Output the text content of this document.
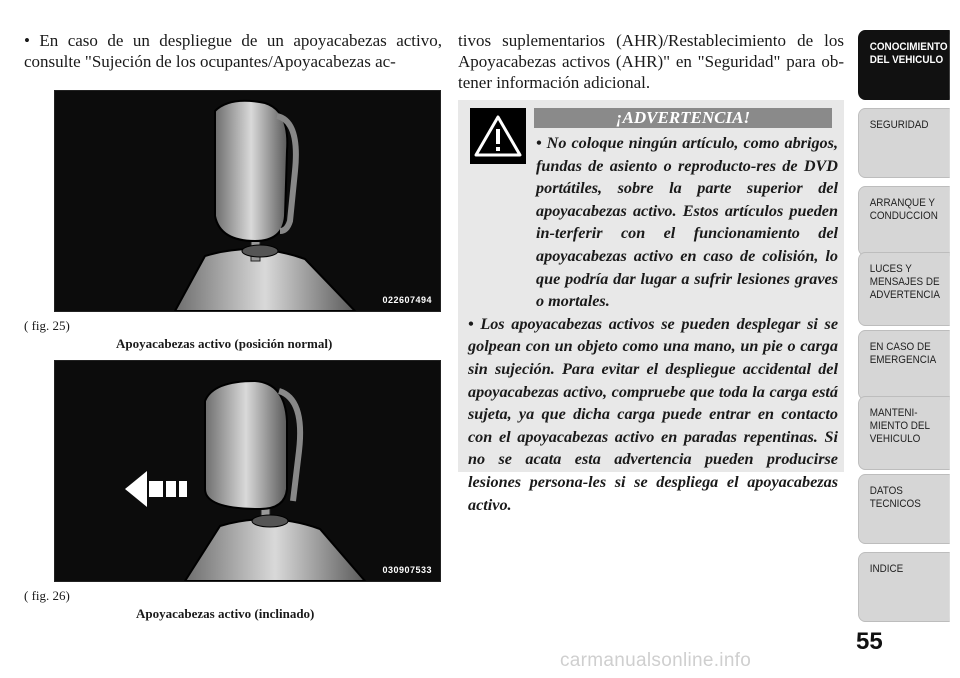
• En caso de un despliegue de un apoyacabezas activo, consulte "Sujeción de los ocupantes/Apoyacabezas ac-

022607494
( fig. 25)
Apoyacabezas activo (posición normal)
030907533
( fig. 26)
Apoyacabezas activo (inclinado)

tivos suplementarios (AHR)/Restablecimiento de los Apoyacabezas activos (AHR)" en "Seguridad" para ob-tener información adicional.

¡ADVERTENCIA!

• No coloque ningún artículo, como abrigos, fundas de asiento o reproducto-res de DVD portátiles, sobre la parte superior del apoyacabezas activo. Estos artículos pueden in-terferir con el funcionamiento del apoyacabezas activo en caso de colisión, lo que podría dar lugar a sufrir lesiones graves o mortales.

• Los apoyacabezas activos se pueden desplegar si se golpean con un objeto como una mano, un pie o carga sin sujeción. Para evitar el despliegue accidental del apoyacabezas activo, compruebe que toda la carga está sujeta, ya que dicha carga puede entrar en contacto con el apoyacabezas activo en paradas repentinas. Si no se acata esta advertencia pueden producirse lesiones persona-les si se despliega el apoyacabezas activo.

CONOCIMIENTO
DEL VEHICULO
SEGURIDAD
ARRANQUE Y
CONDUCCION
LUCES Y
MENSAJES DE
ADVERTENCIA
EN CASO DE
EMERGENCIA
MANTENI-
MIENTO DEL
VEHICULO
DATOS
TECNICOS
INDICE
55
carmanualsonline.info
